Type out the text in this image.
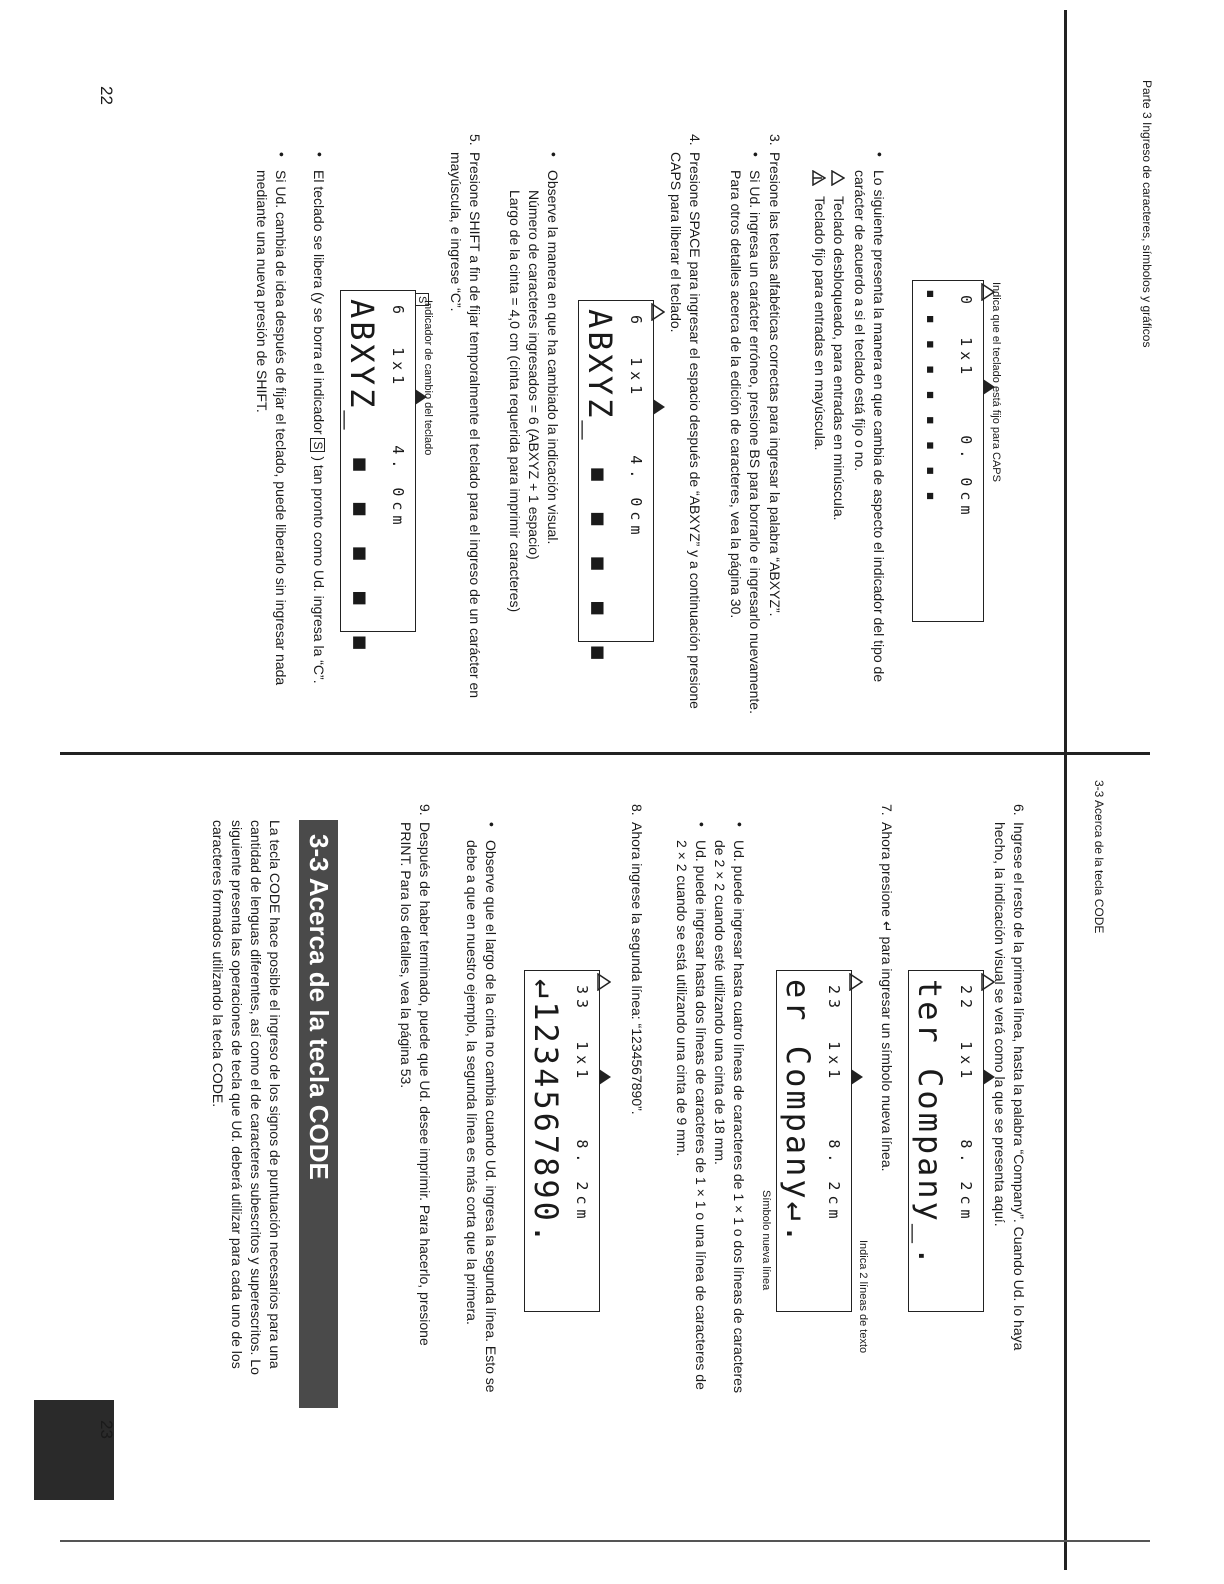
Parte 3 Ingreso de caracteres, símbolos y gráficos
•

Lo siguiente presenta la manera en que cambia de aspecto el indicador del tipo de carácter de acuerdo a si el teclado está fijo o no.

Teclado desbloqueado, para entradas en minúscula.

Teclado fijo para entradas en mayúscula.	Indica que el teclado está fijo para CAPS
0  1x1    0. 0cm
▪ ▪ ▪ ▪ ▪ ▪ ▪ ▪ ▪
3.

Presione las teclas alfabéticas correctas para ingresar la palabra “ABXYZ”.

•

Si Ud. ingresa un carácter erróneo, presione BS para borrarlo e ingresarlo nuevamente. Para otros detalles acerca de la edición de caracteres, vea la página 30.

4.

Presione SPACE para ingresar el espacio después de “ABXYZ” y a continuación presione CAPS para liberar el teclado.

6  1x1    4. 0cm
ABXYZ_ ▪ ▪ ▪ ▪ ▪
•

Observe la manera en que ha cambiado la indicación visual.

Número de caracteres ingresados = 6 (ABXYZ + 1 espacio)

Largo de la cinta = 4,0 cm (cinta requerida para imprimir caracteres)

5.

Presione SHIFT a fin de fijar temporalmente el teclado para el ingreso de un carácter en mayúscula, e ingrese “C”.

Indicador de cambio del teclado
S
6  1x1    4. 0cm
ABXYZ_ ▪ ▪ ▪ ▪ ▪
•

El teclado se libera (y se borra el indicador S ) tan pronto como Ud. ingresa la “C”.

•

Si Ud. cambia de idea después de fijar el teclado, puede liberarlo sin ingresar nada mediante una nueva presión de SHIFT.

22
3-3 Acerca de la tecla CODE
6.

Ingrese el resto de la primera línea, hasta la palabra “Company”. Cuando Ud. lo haya hecho, la indicación visual se verá como la que se presenta aquí.

22  1x1    8. 2cm
ter Company_.
7.

Ahora presione ↵ para ingresar un símbolo nueva línea.

Indica 2 líneas de texto
23  1x1    8. 2cm
er Company↵.
Símbolo nueva línea
•

Ud. puede ingresar hasta cuatro líneas de caracteres de 1 × 1 o dos líneas de caracteres de 2 × 2 cuando esté utilizando una cinta de 18 mm.

•

Ud. puede ingresar hasta dos líneas de caracteres de 1 × 1 o una línea de caracteres de 2 × 2 cuando se está utilizando una cinta de 9 mm.

8.

Ahora ingrese la segunda línea: “1234567890”.

33  1x1    8. 2cm
↵1234567890.
•

Observe que el largo de la cinta no cambia cuando Ud. ingresa la segunda línea. Esto se debe a que en nuestro ejemplo, la segunda línea es más corta que la primera.

9.

Después de haber terminado, puede que Ud. desee imprimir. Para hacerlo, presione PRINT. Para los detalles, vea la página 53.

3-3 Acerca de la tecla CODE

La tecla CODE hace posible el ingreso de los signos de puntuación necesarios para una cantidad de lenguas diferentes, así como el de caracteres subescritos y superescritos. Lo siguiente presenta las operaciones de tecla que Ud. deberá utilizar para cada uno de los caracteres formados utilizando la tecla CODE.

23
